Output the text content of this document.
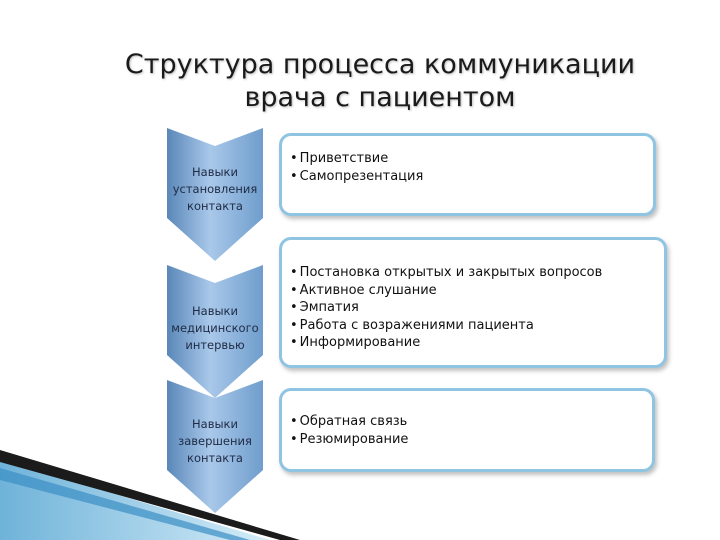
Структура процесса коммуникации
врача с пациентом
Навыки
установления
контакта
• Приветствие
• Самопрезентация
Навыки
медицинского
интервью
• Постановка открытых и закрытых вопросов
• Активное слушание
• Эмпатия
• Работа с возражениями пациента
• Информирование
Навыки
завершения
контакта
• Обратная связь
• Резюмирование
